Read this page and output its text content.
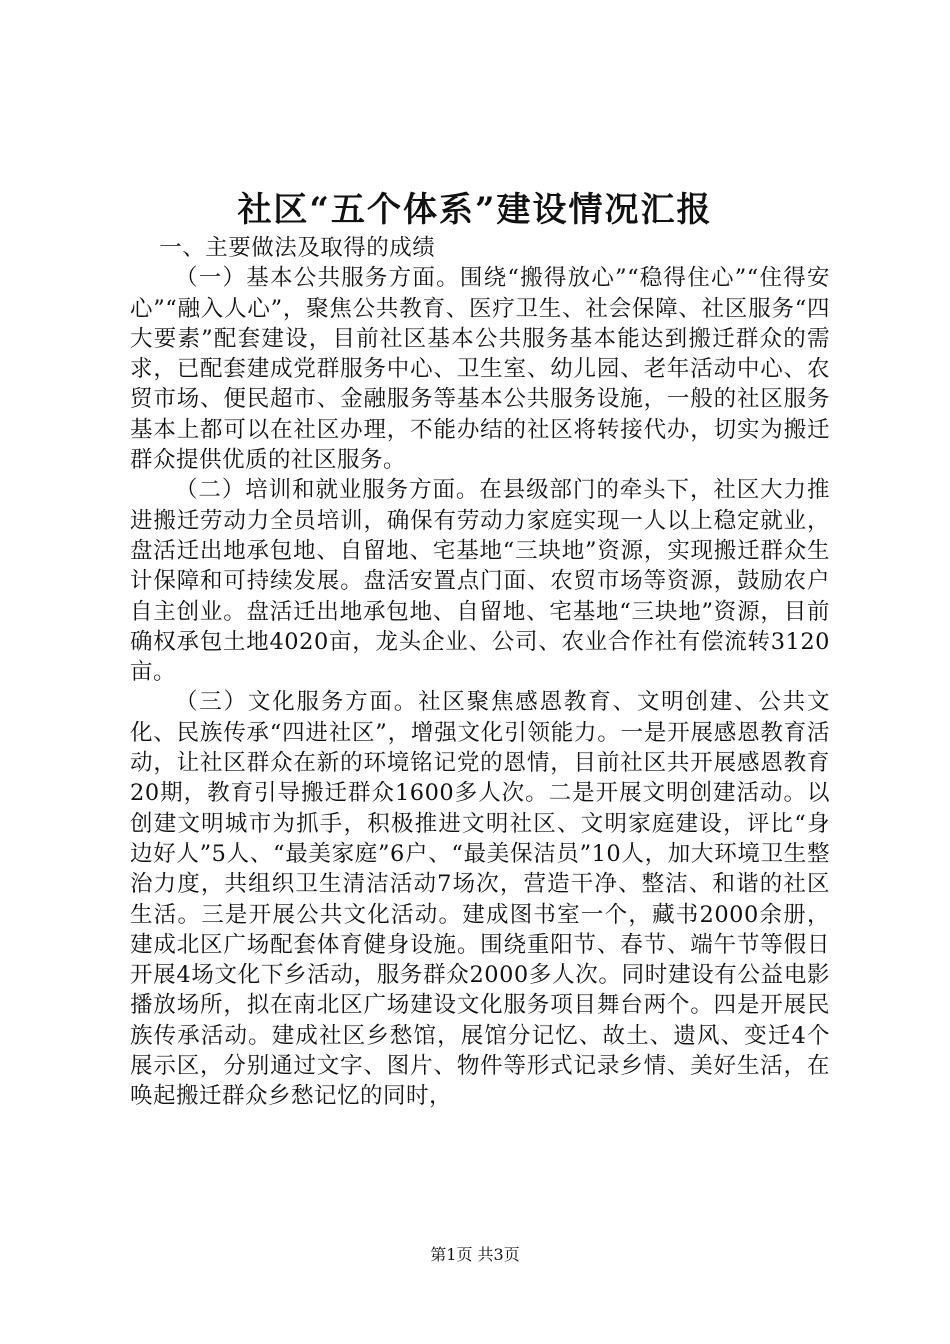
社区“五个体系”建设情况汇报

一、主要做法及取得的成绩

（一）基本公共服务方面。围绕“搬得放心”“稳得住心”“住得安心”“融入人心”，聚焦公共教育、医疗卫生、社会保障、社区服务“四大要素”配套建设，目前社区基本公共服务基本能达到搬迁群众的需求，已配套建成党群服务中心、卫生室、幼儿园、老年活动中心、农贸市场、便民超市、金融服务等基本公共服务设施，一般的社区服务基本上都可以在社区办理，不能办结的社区将转接代办，切实为搬迁群众提供优质的社区服务。

（二）培训和就业服务方面。在县级部门的牵头下，社区大力推进搬迁劳动力全员培训，确保有劳动力家庭实现一人以上稳定就业，盘活迁出地承包地、自留地、宅基地“三块地”资源，实现搬迁群众生计保障和可持续发展。盘活安置点门面、农贸市场等资源，鼓励农户自主创业。盘活迁出地承包地、自留地、宅基地“三块地”资源，目前确权承包土地4020亩，龙头企业、公司、农业合作社有偿流转3120亩。

（三）文化服务方面。社区聚焦感恩教育、文明创建、公共文化、民族传承“四进社区”，增强文化引领能力。一是开展感恩教育活动，让社区群众在新的环境铭记党的恩情，目前社区共开展感恩教育20期，教育引导搬迁群众1600多人次。二是开展文明创建活动。以创建文明城市为抓手，积极推进文明社区、文明家庭建设，评比“身边好人”5人、“最美家庭”6户、“最美保洁员”10人，加大环境卫生整治力度，共组织卫生清洁活动7场次，营造干净、整洁、和谐的社区生活。三是开展公共文化活动。建成图书室一个，藏书2000余册，建成北区广场配套体育健身设施。围绕重阳节、春节、端午节等假日开展4场文化下乡活动，服务群众2000多人次。同时建设有公益电影播放场所，拟在南北区广场建设文化服务项目舞台两个。四是开展民族传承活动。建成社区乡愁馆，展馆分记忆、故土、遗风、变迁4个展示区，分别通过文字、图片、物件等形式记录乡情、美好生活，在唤起搬迁群众乡愁记忆的同时，

第1页 共3页
